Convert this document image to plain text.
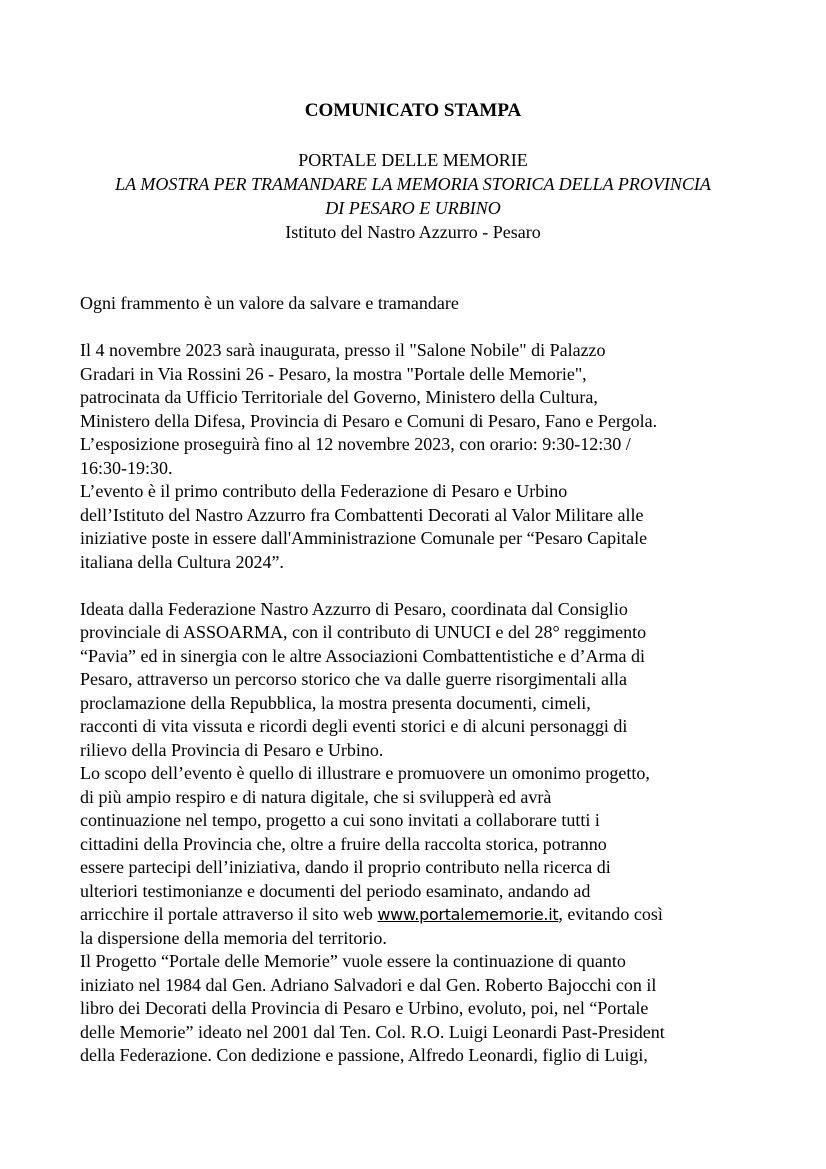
COMUNICATO STAMPA
PORTALE DELLE MEMORIE
LA MOSTRA PER TRAMANDARE LA MEMORIA STORICA DELLA PROVINCIA
DI PESARO E URBINO
Istituto del Nastro Azzurro - Pesaro

Ogni frammento è un valore da salvare e tramandare

Il 4 novembre 2023 sarà inaugurata, presso il "Salone Nobile" di Palazzo
Gradari in Via Rossini 26 - Pesaro, la mostra "Portale delle Memorie",
patrocinata da Ufficio Territoriale del Governo, Ministero della Cultura,
Ministero della Difesa, Provincia di Pesaro e Comuni di Pesaro, Fano e Pergola.
L’esposizione proseguirà fino al 12 novembre 2023, con orario: 9:30-12:30 /
16:30-19:30.
L’evento è il primo contributo della Federazione di Pesaro e Urbino
dell’Istituto del Nastro Azzurro fra Combattenti Decorati al Valor Militare alle
iniziative poste in essere dall'Amministrazione Comunale per “Pesaro Capitale
italiana della Cultura 2024”.
Ideata dalla Federazione Nastro Azzurro di Pesaro, coordinata dal Consiglio
provinciale di ASSOARMA, con il contributo di UNUCI e del 28° reggimento
“Pavia” ed in sinergia con le altre Associazioni Combattentistiche e d’Arma di
Pesaro, attraverso un percorso storico che va dalle guerre risorgimentali alla
proclamazione della Repubblica, la mostra presenta documenti, cimeli,
racconti di vita vissuta e ricordi degli eventi storici e di alcuni personaggi di
rilievo della Provincia di Pesaro e Urbino.
Lo scopo dell’evento è quello di illustrare e promuovere un omonimo progetto,
di più ampio respiro e di natura digitale, che si svilupperà ed avrà
continuazione nel tempo, progetto a cui sono invitati a collaborare tutti i
cittadini della Provincia che, oltre a fruire della raccolta storica, potranno
essere partecipi dell’iniziativa, dando il proprio contributo nella ricerca di
ulteriori testimonianze e documenti del periodo esaminato, andando ad
arricchire il portale attraverso il sito web www.portalememorie.it, evitando così
la dispersione della memoria del territorio.
Il Progetto “Portale delle Memorie” vuole essere la continuazione di quanto
iniziato nel 1984 dal Gen. Adriano Salvadori e dal Gen. Roberto Bajocchi con il
libro dei Decorati della Provincia di Pesaro e Urbino, evoluto, poi, nel “Portale
delle Memorie” ideato nel 2001 dal Ten. Col. R.O. Luigi Leonardi Past-President
della Federazione. Con dedizione e passione, Alfredo Leonardi, figlio di Luigi,
